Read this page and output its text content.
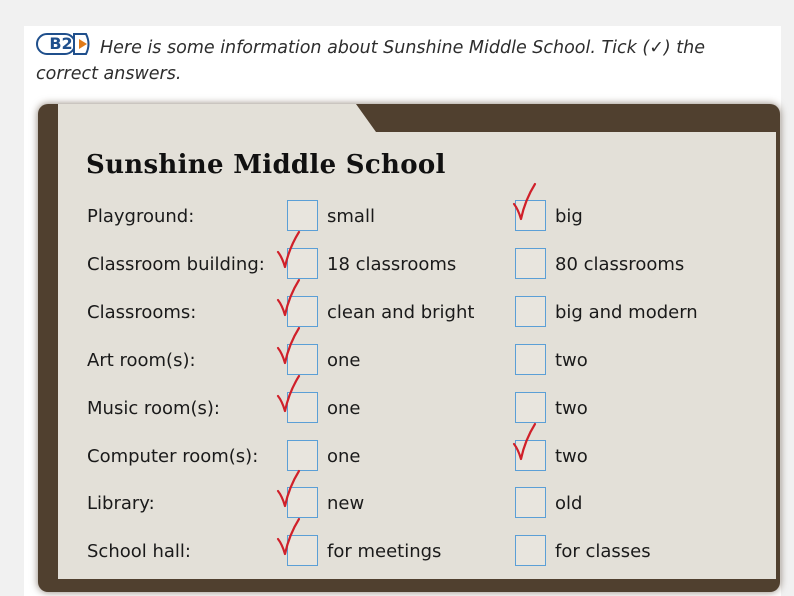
B2 Here is some information about Sunshine Middle School. Tick (✓) the correct answers.
Sunshine Middle School
Playground:	small	big
Classroom building:	18 classrooms	80 classrooms
Classrooms:	clean and bright	big and modern
Art room(s):	one	two
Music room(s):	one	two
Computer room(s):	one	two
Library:	new	old
School hall:	for meetings	for classes
